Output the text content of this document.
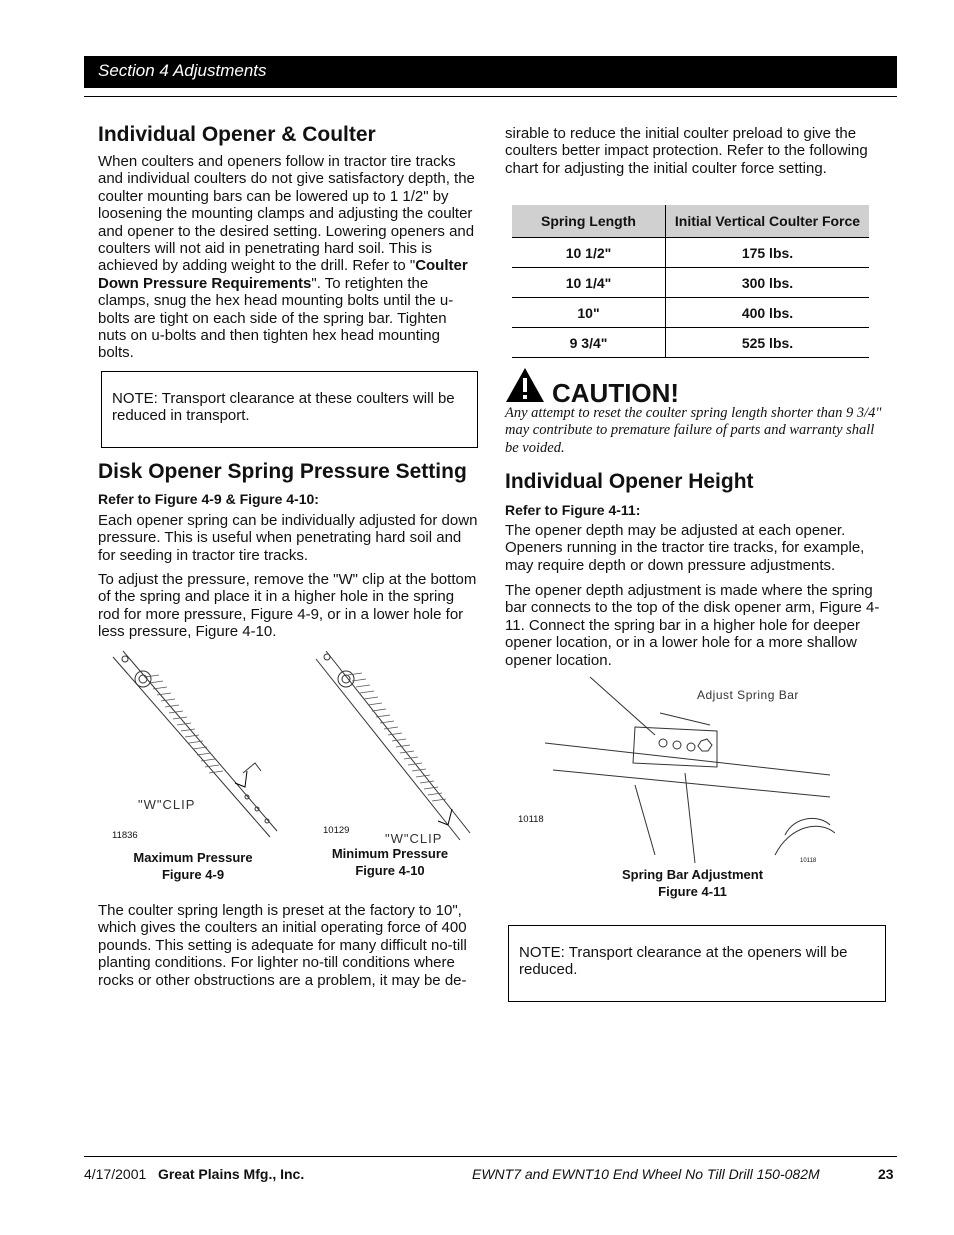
Section 4 Adjustments
Individual Opener & Coulter
When coulters and openers follow in tractor tire tracks and individual coulters do not give satisfactory depth, the coulter mounting bars can be lowered up to 1 1/2" by loosening the mounting clamps and adjusting the coulter and opener to the desired setting. Lowering openers and coulters will not aid in penetrating hard soil. This is achieved by adding weight to the drill. Refer to "Coulter Down Pressure Requirements". To retighten the clamps, snug the hex head mounting bolts until the u-bolts are tight on each side of the spring bar. Tighten nuts on u-bolts and then tighten hex head mounting bolts.
NOTE: Transport clearance at these coulters will be reduced in transport.
Disk Opener Spring Pressure Setting
Refer to Figure 4-9 & Figure 4-10:
Each opener spring can be individually adjusted for down pressure. This is useful when penetrating hard soil and for seeding in tractor tire tracks.
To adjust the pressure, remove the "W" clip at the bottom of the spring and place it in a higher hole in the spring rod for more pressure, Figure 4-9, or in a lower hole for less pressure, Figure 4-10.
"W"CLIP
11836
Maximum Pressure
Figure 4-9
"W"CLIP
10129
Minimum Pressure
Figure 4-10
The coulter spring length is preset at the factory to 10", which gives the coulters an initial operating force of 400 pounds. This setting is adequate for many difficult no-till planting conditions. For lighter no-till conditions where rocks or other obstructions are a problem, it may be de-
sirable to reduce the initial coulter preload to give the coulters better impact protection. Refer to the following chart for adjusting the initial coulter force setting.
Spring Length	Initial Vertical Coulter Force
10 1/2"	175 lbs.
10 1/4"	300 lbs.
10"	400 lbs.
9 3/4"	525 lbs.
CAUTION!
Any attempt to reset the coulter spring length shorter than 9 3/4" may contribute to premature failure of parts and warranty shall be voided.
Individual Opener Height
Refer to Figure 4-11:
The opener depth may be adjusted at each opener. Openers running in the tractor tire tracks, for example, may require depth or down pressure adjustments.
The opener depth adjustment is made where the spring bar connects to the top of the disk opener arm, Figure 4-11. Connect the spring bar in a higher hole for deeper opener location, or in a lower hole for a more shallow opener location.
Adjust Spring Bar
10118
10118
Spring Bar Adjustment
Figure 4-11
NOTE: Transport clearance at the openers will be reduced.
4/17/2001 Great Plains Mfg., Inc.	EWNT7 and EWNT10 End Wheel No Till Drill 150-082M	23
